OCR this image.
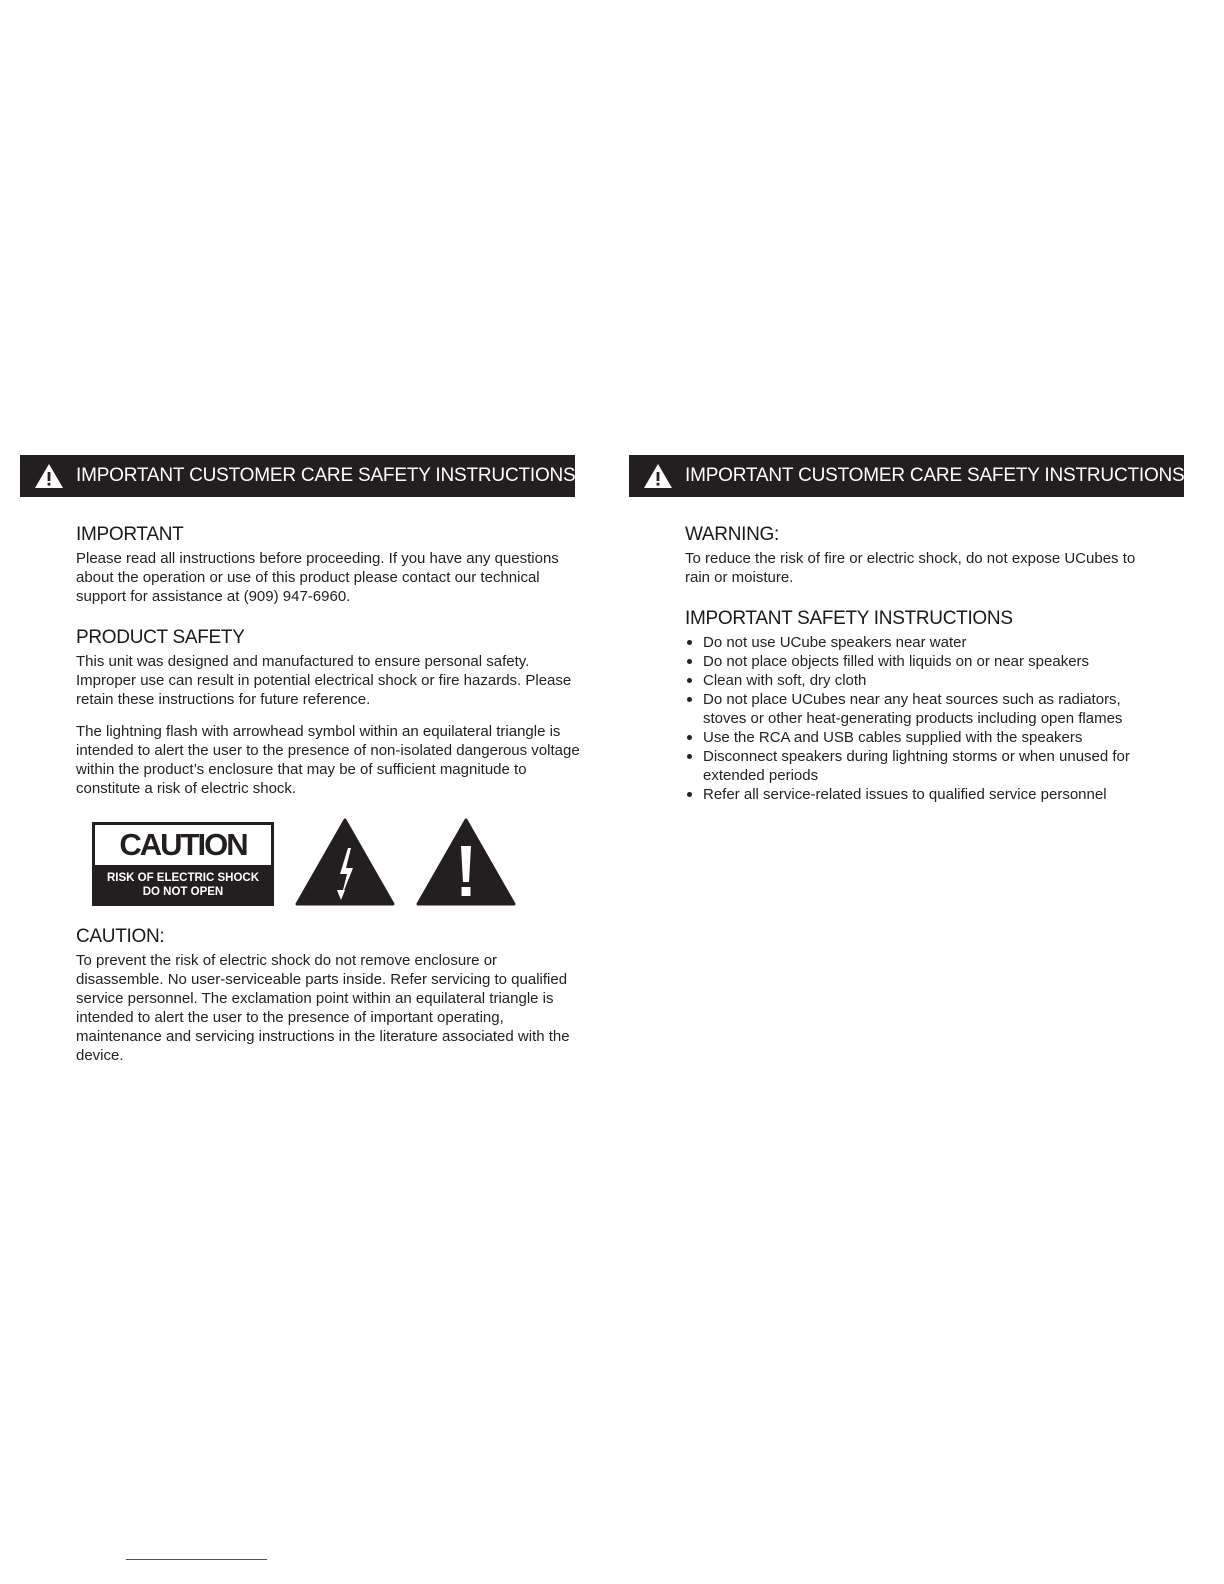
IMPORTANT CUSTOMER CARE SAFETY INSTRUCTIONS
IMPORTANT

Please read all instructions before proceeding. If you have any questions about the operation or use of this product please contact our technical support for assistance at (909) 947-6960.

PRODUCT SAFETY

This unit was designed and manufactured to ensure personal safety. Improper use can result in potential electrical shock or fire hazards. Please retain these instructions for future reference.

The lightning flash with arrowhead symbol within an equilateral triangle is intended to alert the user to the presence of non-isolated dangerous voltage within the product’s enclosure that may be of sufficient magnitude to constitute a risk of electric shock.

CAUTION
RISK OF ELECTRIC SHOCK
DO NOT OPEN
CAUTION:

To prevent the risk of electric shock do not remove enclosure or disassemble. No user-serviceable parts inside. Refer servicing to qualified service personnel. The exclamation point within an equilateral triangle is intended to alert the user to the presence of important operating, maintenance and servicing instructions in the literature associated with the device.

IMPORTANT CUSTOMER CARE SAFETY INSTRUCTIONS
WARNING:

To reduce the risk of fire or electric shock, do not expose UCubes to rain or moisture.

IMPORTANT SAFETY INSTRUCTIONS
Do not use UCube speakers near water
Do not place objects filled with liquids on or near speakers
Clean with soft, dry cloth
Do not place UCubes near any heat sources such as radiators, stoves or other heat-generating products including open flames
Use the RCA and USB cables supplied with the speakers
Disconnect speakers during lightning storms or when unused for extended periods
Refer all service-related issues to qualified service personnel
